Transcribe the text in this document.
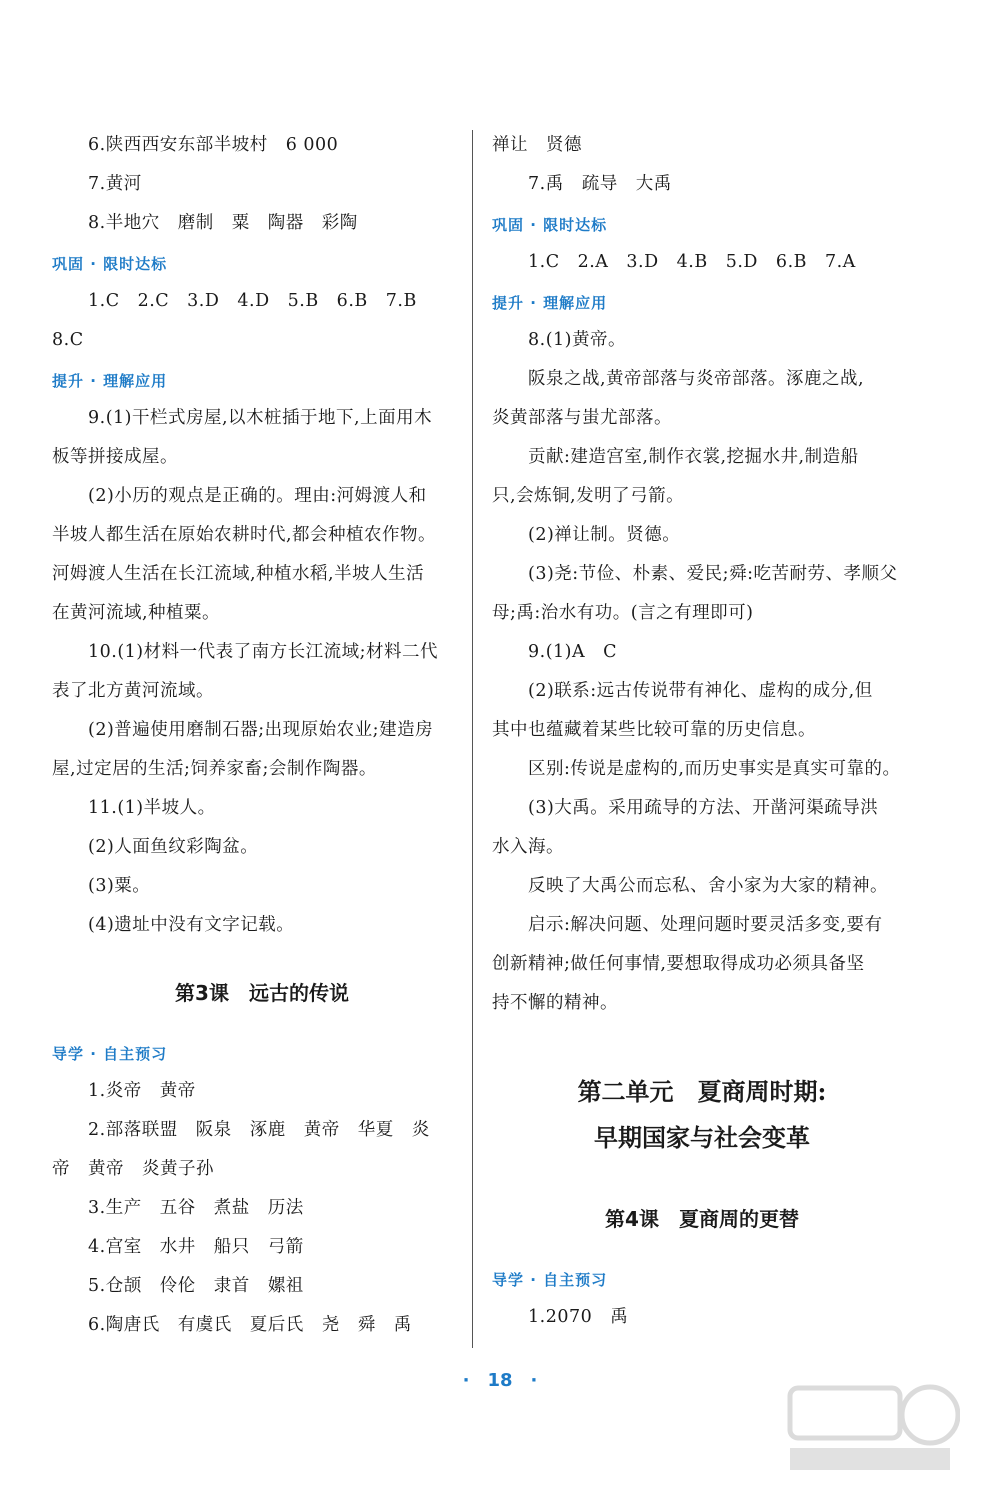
6.陕西西安东部半坡村　6 000
7.黄河
8.半地穴　磨制　粟　陶器　彩陶
巩固 · 限时达标
1.C　2.C　3.D　4.D　5.B　6.B　7.B
8.C
提升 · 理解应用
9.(1)干栏式房屋,以木桩插于地下,上面用木
板等拼接成屋。
(2)小历的观点是正确的。理由:河姆渡人和
半坡人都生活在原始农耕时代,都会种植农作物。
河姆渡人生活在长江流域,种植水稻,半坡人生活
在黄河流域,种植粟。
10.(1)材料一代表了南方长江流域;材料二代
表了北方黄河流域。
(2)普遍使用磨制石器;出现原始农业;建造房
屋,过定居的生活;饲养家畜;会制作陶器。
11.(1)半坡人。
(2)人面鱼纹彩陶盆。
(3)粟。
(4)遗址中没有文字记载。
第3课　远古的传说
导学 · 自主预习
1.炎帝　黄帝
2.部落联盟　阪泉　涿鹿　黄帝　华夏　炎
帝　黄帝　炎黄子孙
3.生产　五谷　煮盐　历法
4.宫室　水井　船只　弓箭
5.仓颉　伶伦　隶首　嫘祖
6.陶唐氏　有虞氏　夏后氏　尧　舜　禹
禅让　贤德
7.禹　疏导　大禹
巩固 · 限时达标
1.C　2.A　3.D　4.B　5.D　6.B　7.A
提升 · 理解应用
8.(1)黄帝。
阪泉之战,黄帝部落与炎帝部落。涿鹿之战,
炎黄部落与蚩尤部落。
贡献:建造宫室,制作衣裳,挖掘水井,制造船
只,会炼铜,发明了弓箭。
(2)禅让制。贤德。
(3)尧:节俭、朴素、爱民;舜:吃苦耐劳、孝顺父
母;禹:治水有功。(言之有理即可)
9.(1)A　C
(2)联系:远古传说带有神化、虚构的成分,但
其中也蕴藏着某些比较可靠的历史信息。
区别:传说是虚构的,而历史事实是真实可靠的。
(3)大禹。采用疏导的方法、开凿河渠疏导洪
水入海。
反映了大禹公而忘私、舍小家为大家的精神。
启示:解决问题、处理问题时要灵活多变,要有
创新精神;做任何事情,要想取得成功必须具备坚
持不懈的精神。
第二单元　夏商周时期:
早期国家与社会变革
第4课　夏商周的更替
导学 · 自主预习
1.2070　禹
·　18　·
